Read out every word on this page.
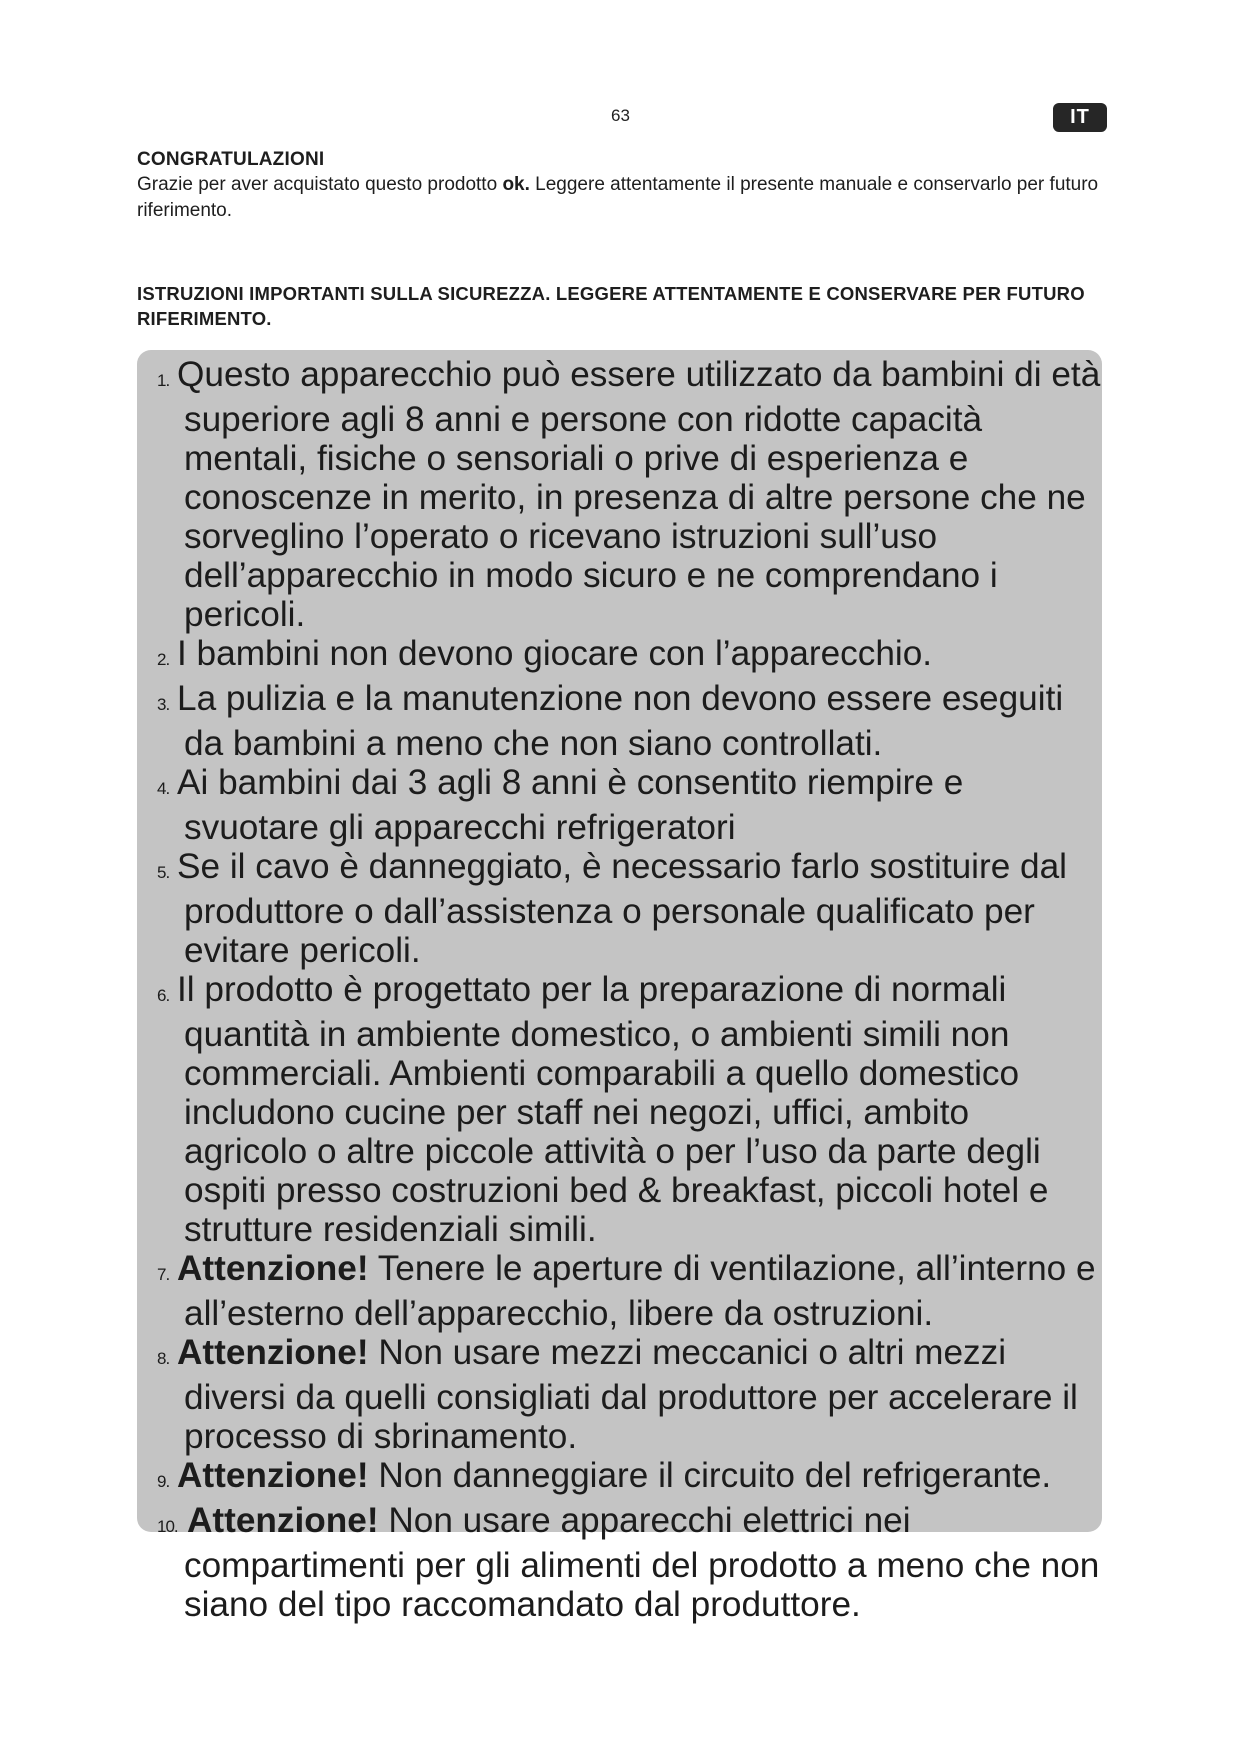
63	IT
CONGRATULAZIONI
Grazie per aver acquistato questo prodotto ok. Leggere attentamente il presente manuale e conservarlo per futuro riferimento.
ISTRUZIONI IMPORTANTI SULLA SICUREZZA. LEGGERE ATTENTAMENTE E CONSERVARE PER FUTURO RIFERIMENTO.
1. Questo apparecchio può essere utilizzato da bambini di età superiore agli 8 anni e persone con ridotte capacità mentali, fisiche o sensoriali o prive di esperienza e conoscenze in merito, in presenza di altre persone che ne sorveglino l’operato o ricevano istruzioni sull’uso dell’apparecchio in modo sicuro e ne comprendano i pericoli.
2. I bambini non devono giocare con l’apparecchio.
3. La pulizia e la manutenzione non devono essere eseguiti da bambini a meno che non siano controllati.
4. Ai bambini dai 3 agli 8 anni è consentito riempire e svuotare gli apparecchi refrigeratori
5. Se il cavo è danneggiato, è necessario farlo sostituire dal produttore o dall’assistenza o personale qualificato per evitare pericoli.
6. Il prodotto è progettato per la preparazione di normali quantità in ambiente domestico, o ambienti simili non commerciali. Ambienti comparabili a quello domestico includono cucine per staff nei negozi, uffici, ambito agricolo o altre piccole attività o per l’uso da parte degli ospiti presso costruzioni bed & breakfast, piccoli hotel e strutture residenziali simili.
7. Attenzione! Tenere le aperture di ventilazione, all’interno e all’esterno dell’apparecchio, libere da ostruzioni.
8. Attenzione! Non usare mezzi meccanici o altri mezzi diversi da quelli consigliati dal produttore per accelerare il processo di sbrinamento.
9. Attenzione! Non danneggiare il circuito del refrigerante.
10. Attenzione! Non usare apparecchi elettrici nei compartimenti per gli alimenti del prodotto a meno che non siano del tipo raccomandato dal produttore.
